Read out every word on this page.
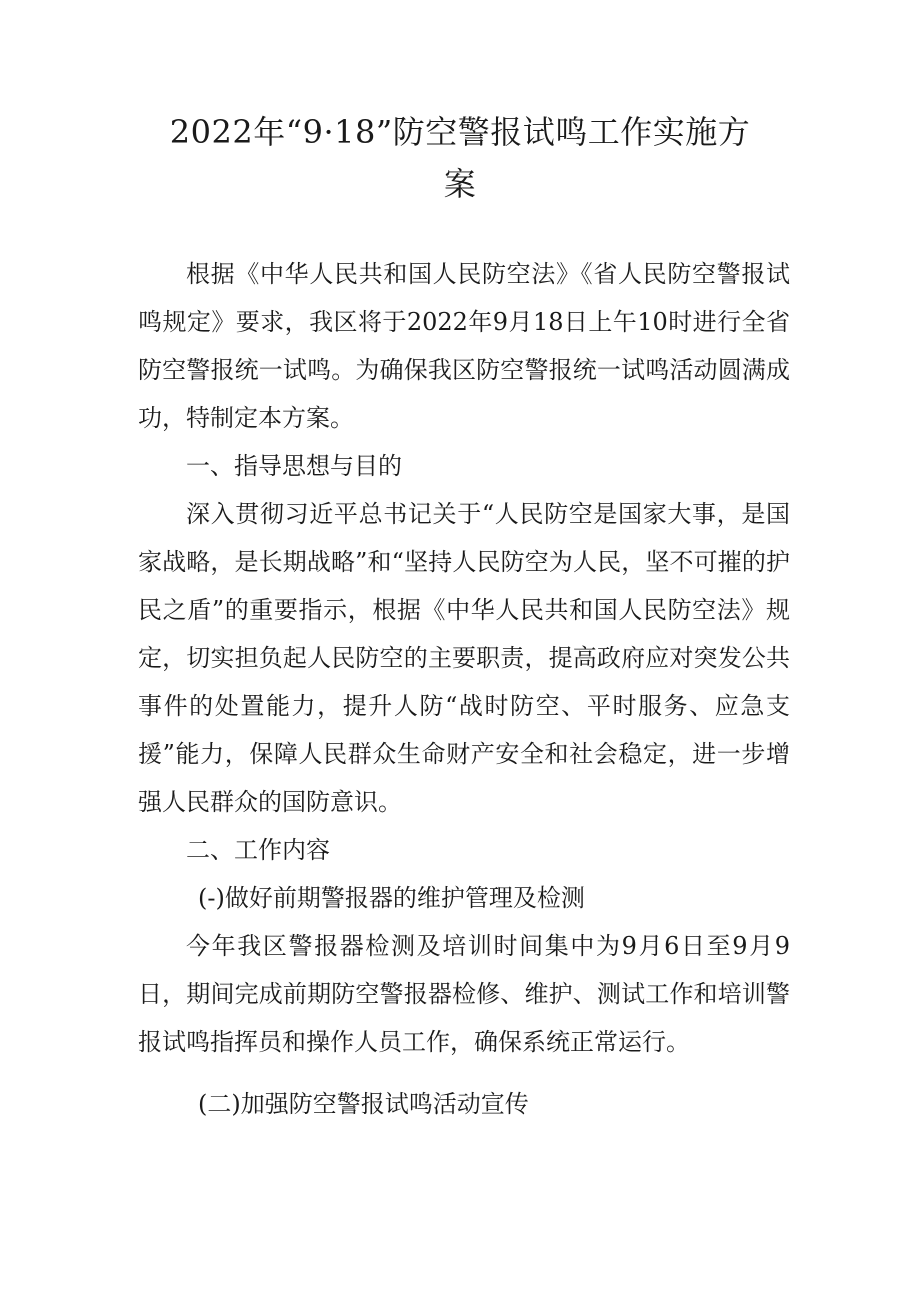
2022年“9·18”防空警报试鸣工作实施方
案

根据《中华人民共和国人民防空法》《省人民防空警报试鸣规定》要求，我区将于2022年9月18日上午10时进行全省防空警报统一试鸣。为确保我区防空警报统一试鸣活动圆满成功，特制定本方案。

一、指导思想与目的

深入贯彻习近平总书记关于“人民防空是国家大事，是国家战略，是长期战略”和“坚持人民防空为人民，坚不可摧的护民之盾”的重要指示，根据《中华人民共和国人民防空法》规定，切实担负起人民防空的主要职责，提高政府应对突发公共事件的处置能力，提升人防“战时防空、平时服务、应急支援”能力，保障人民群众生命财产安全和社会稳定，进一步增强人民群众的国防意识。

二、工作内容

(-)做好前期警报器的维护管理及检测

今年我区警报器检测及培训时间集中为9月6日至9月9日，期间完成前期防空警报器检修、维护、测试工作和培训警报试鸣指挥员和操作人员工作，确保系统正常运行。

(二)加强防空警报试鸣活动宣传
